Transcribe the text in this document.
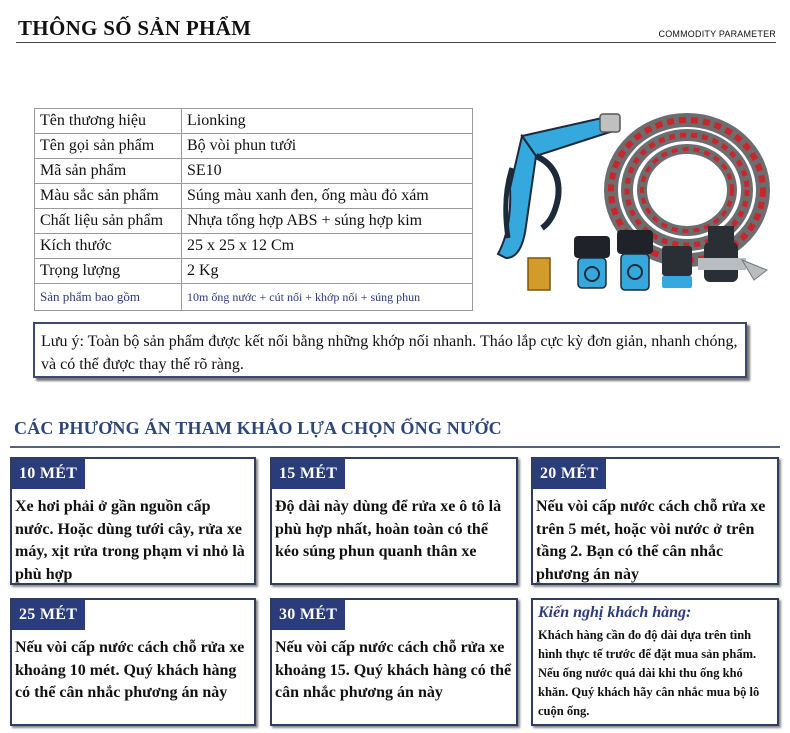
THÔNG SỐ SẢN PHẨM	COMMODITY PARAMETER
Tên thương hiệu	Lionking
Tên gọi sản phẩm	Bộ vòi phun tưới
Mã sản phẩm	SE10
Màu sắc sản phẩm	Súng màu xanh đen, ống màu đỏ xám
Chất liệu sản phẩm	Nhựa tổng hợp ABS + súng hợp kim
Kích thước	25 x 25 x 12 Cm
Trọng lượng	2 Kg
Sản phẩm bao gồm	10m ống nước + cút nối + khớp nối + súng phun
Lưu ý: Toàn bộ sản phẩm được kết nối bằng những khớp nối nhanh. Tháo lắp cực kỳ đơn giản, nhanh chóng, và có thể được thay thế rõ ràng.
CÁC PHƯƠNG ÁN THAM KHẢO LỰA CHỌN ỐNG NƯỚC
10 MÉT
Xe hơi phải ở gần nguồn cấp nước. Hoặc dùng tưới cây, rửa xe máy, xịt rửa trong phạm vi nhỏ là phù hợp
15 MÉT
Độ dài này dùng để rửa xe ô tô là phù hợp nhất, hoàn toàn có thể kéo súng phun quanh thân xe
20 MÉT
Nếu vòi cấp nước cách chỗ rửa xe trên 5 mét, hoặc vòi nước ở trên tầng 2. Bạn có thể cân nhắc phương án này
25 MÉT
Nếu vòi cấp nước cách chỗ rửa xe khoảng 10 mét. Quý khách hàng có thể cân nhắc phương án này
30 MÉT
Nếu vòi cấp nước cách chỗ rửa xe khoảng 15. Quý khách hàng có thể cân nhắc phương án này
Kiến nghị khách hàng:
Khách hàng cần đo độ dài dựa trên tình hình thực tế trước để đặt mua sản phẩm. Nếu ống nước quá dài khi thu ống khó khăn. Quý khách hãy cân nhắc mua bộ lô cuộn ống.
